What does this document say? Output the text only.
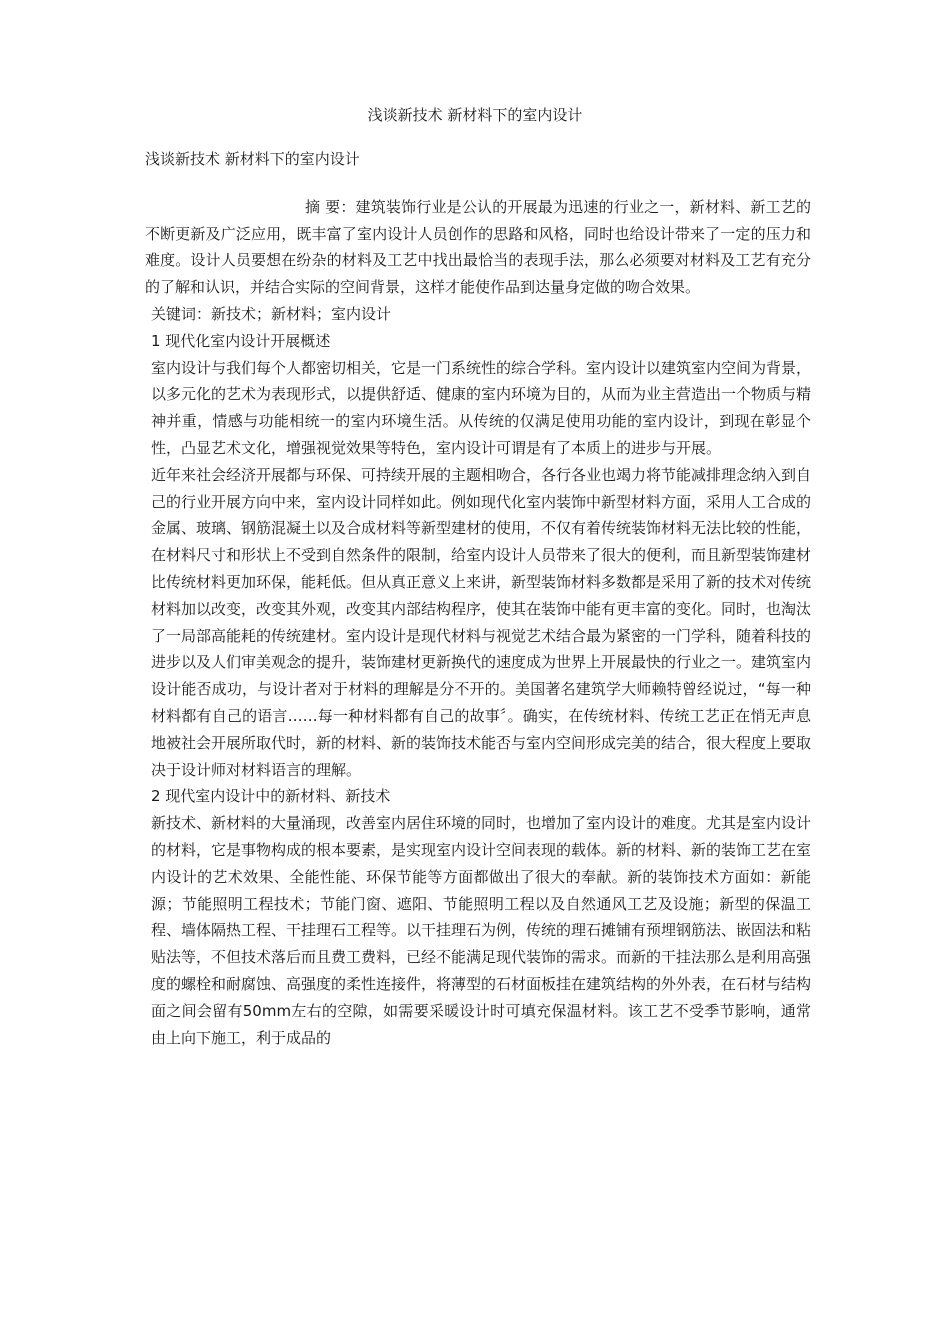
浅谈新技术 新材料下的室内设计

浅谈新技术 新材料下的室内设计

摘 要：建筑装饰行业是公认的开展最为迅速的行业之一，新材料、新工艺的不断更新及广泛应用，既丰富了室内设计人员创作的思路和风格，同时也给设计带来了一定的压力和难度。设计人员要想在纷杂的材料及工艺中找出最恰当的表现手法，那么必须要对材料及工艺有充分的了解和认识，并结合实际的空间背景，这样才能使作品到达量身定做的吻合效果。

关键词：新技术；新材料；室内设计

1 现代化室内设计开展概述

室内设计与我们每个人都密切相关，它是一门系统性的综合学科。室内设计以建筑室内空间为背景，以多元化的艺术为表现形式，以提供舒适、健康的室内环境为目的，从而为业主营造出一个物质与精神并重，情感与功能相统一的室内环境生活。从传统的仅满足使用功能的室内设计，到现在彰显个性，凸显艺术文化，增强视觉效果等特色，室内设计可谓是有了本质上的进步与开展。

近年来社会经济开展都与环保、可持续开展的主题相吻合，各行各业也竭力将节能减排理念纳入到自己的行业开展方向中来，室内设计同样如此。例如现代化室内装饰中新型材料方面，采用人工合成的金属、玻璃、钢筋混凝土以及合成材料等新型建材的使用，不仅有着传统装饰材料无法比较的性能，在材料尺寸和形状上不受到自然条件的限制，给室内设计人员带来了很大的便利，而且新型装饰建材比传统材料更加环保，能耗低。但从真正意义上来讲，新型装饰材料多数都是采用了新的技术对传统材料加以改变，改变其外观，改变其内部结构程序，使其在装饰中能有更丰富的变化。同时，也淘汰了一局部高能耗的传统建材。室内设计是现代材料与视觉艺术结合最为紧密的一门学科，随着科技的进步以及人们审美观念的提升，装饰建材更新换代的速度成为世界上开展最快的行业之一。建筑室内设计能否成功，与设计者对于材料的理解是分不开的。美国著名建筑学大师赖特曾经说过，“每一种材料都有自己的语言……每一种材料都有自己的故事〞。确实，在传统材料、传统工艺正在悄无声息地被社会开展所取代时，新的材料、新的装饰技术能否与室内空间形成完美的结合，很大程度上要取决于设计师对材料语言的理解。

2 现代室内设计中的新材料、新技术

新技术、新材料的大量涌现，改善室内居住环境的同时，也增加了室内设计的难度。尤其是室内设计的材料，它是事物构成的根本要素，是实现室内设计空间表现的载体。新的材料、新的装饰工艺在室内设计的艺术效果、全能性能、环保节能等方面都做出了很大的奉献。新的装饰技术方面如：新能源；节能照明工程技术；节能门窗、遮阳、节能照明工程以及自然通风工艺及设施；新型的保温工程、墙体隔热工程、干挂理石工程等。以干挂理石为例，传统的理石摊铺有预埋钢筋法、嵌固法和粘贴法等，不但技术落后而且费工费料，已经不能满足现代装饰的需求。而新的干挂法那么是利用高强度的螺栓和耐腐蚀、高强度的柔性连接件，将薄型的石材面板挂在建筑结构的外外表，在石材与结构面之间会留有50mm左右的空隙，如需要采暖设计时可填充保温材料。该工艺不受季节影响，通常由上向下施工，利于成品的
